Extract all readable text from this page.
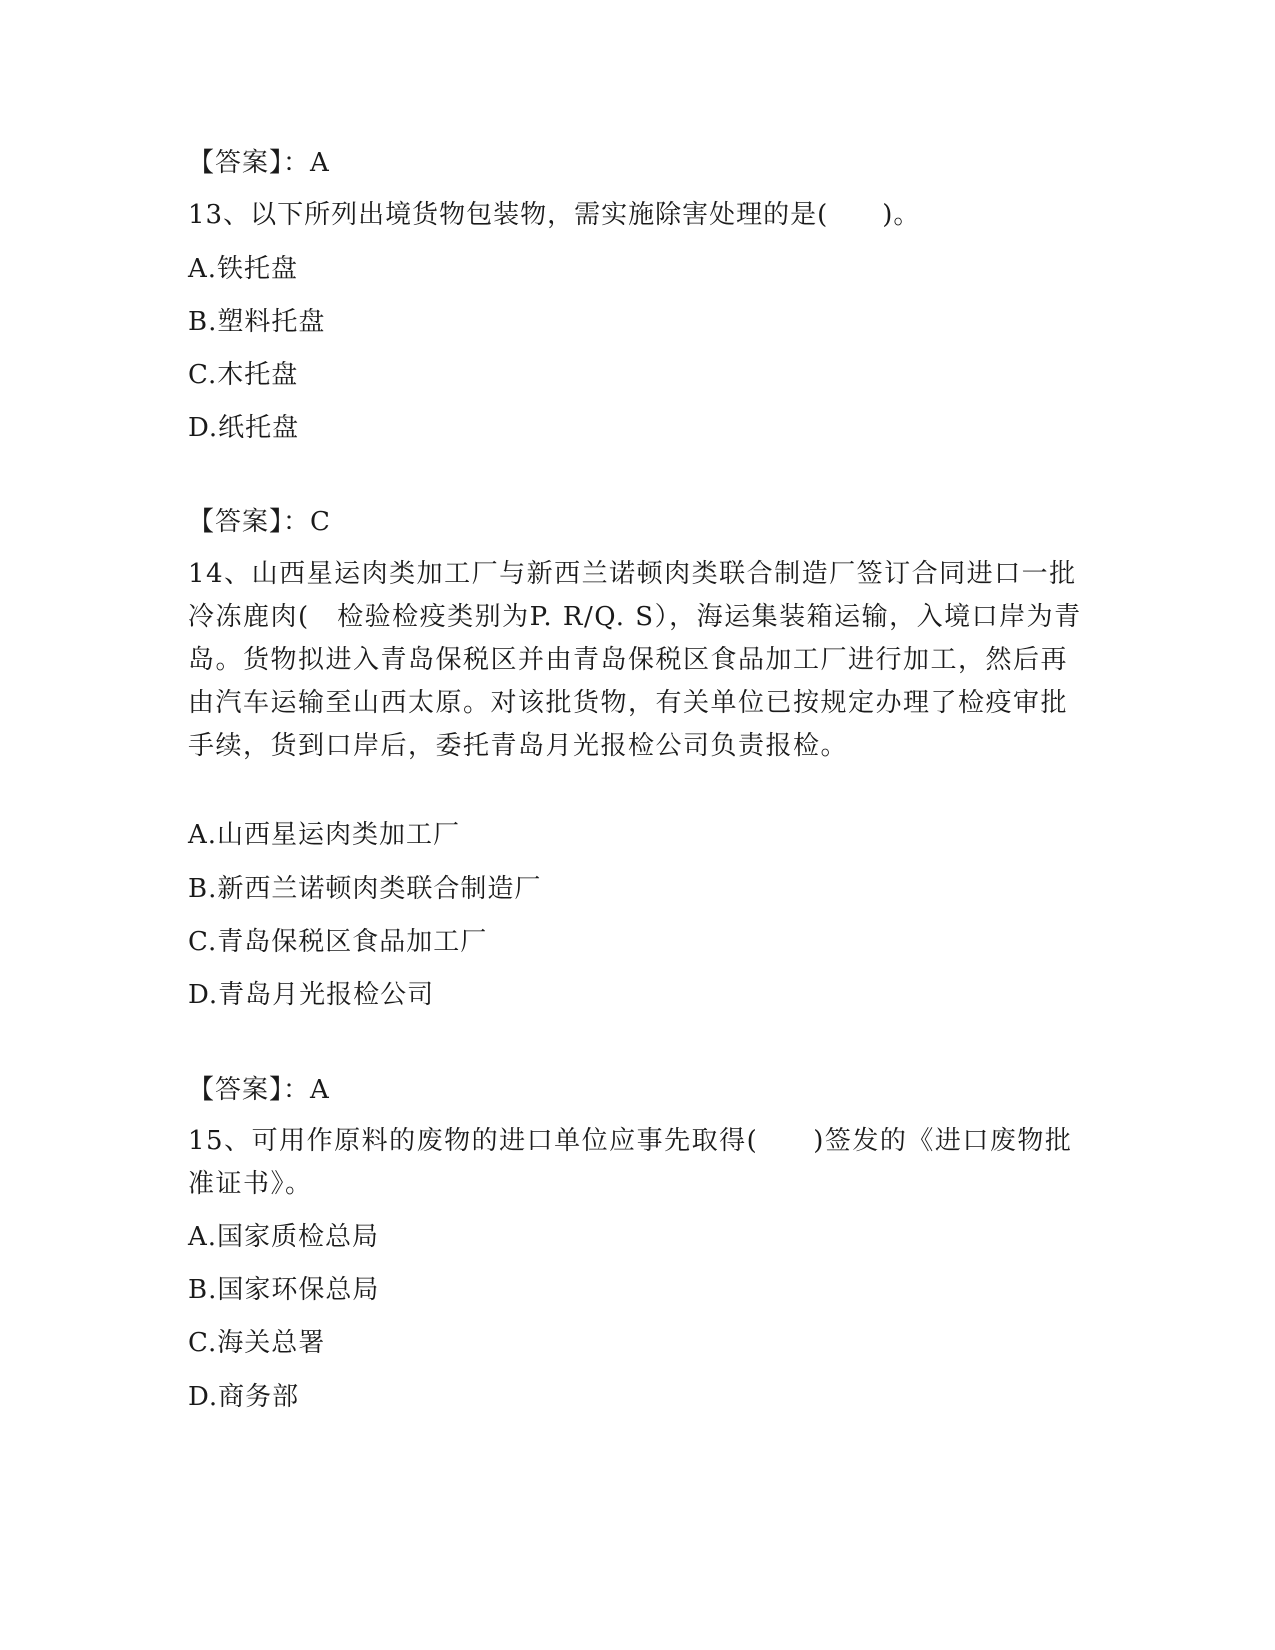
【答案】：A
13、以下所列出境货物包装物，需实施除害处理的是(　　)。
A.铁托盘
B.塑料托盘
C.木托盘
D.纸托盘
【答案】：C
14、山西星运肉类加工厂与新西兰诺顿肉类联合制造厂签订合同进口一批冷冻鹿肉(　检验检疫类别为P. R/Q. S），海运集装箱运输，入境口岸为青岛。货物拟进入青岛保税区并由青岛保税区食品加工厂进行加工，然后再由汽车运输至山西太原。对该批货物，有关单位已按规定办理了检疫审批手续，货到口岸后，委托青岛月光报检公司负责报检。
A.山西星运肉类加工厂
B.新西兰诺顿肉类联合制造厂
C.青岛保税区食品加工厂
D.青岛月光报检公司
【答案】：A
15、可用作原料的废物的进口单位应事先取得(　　)签发的《进口废物批准证书》。
A.国家质检总局
B.国家环保总局
C.海关总署
D.商务部
